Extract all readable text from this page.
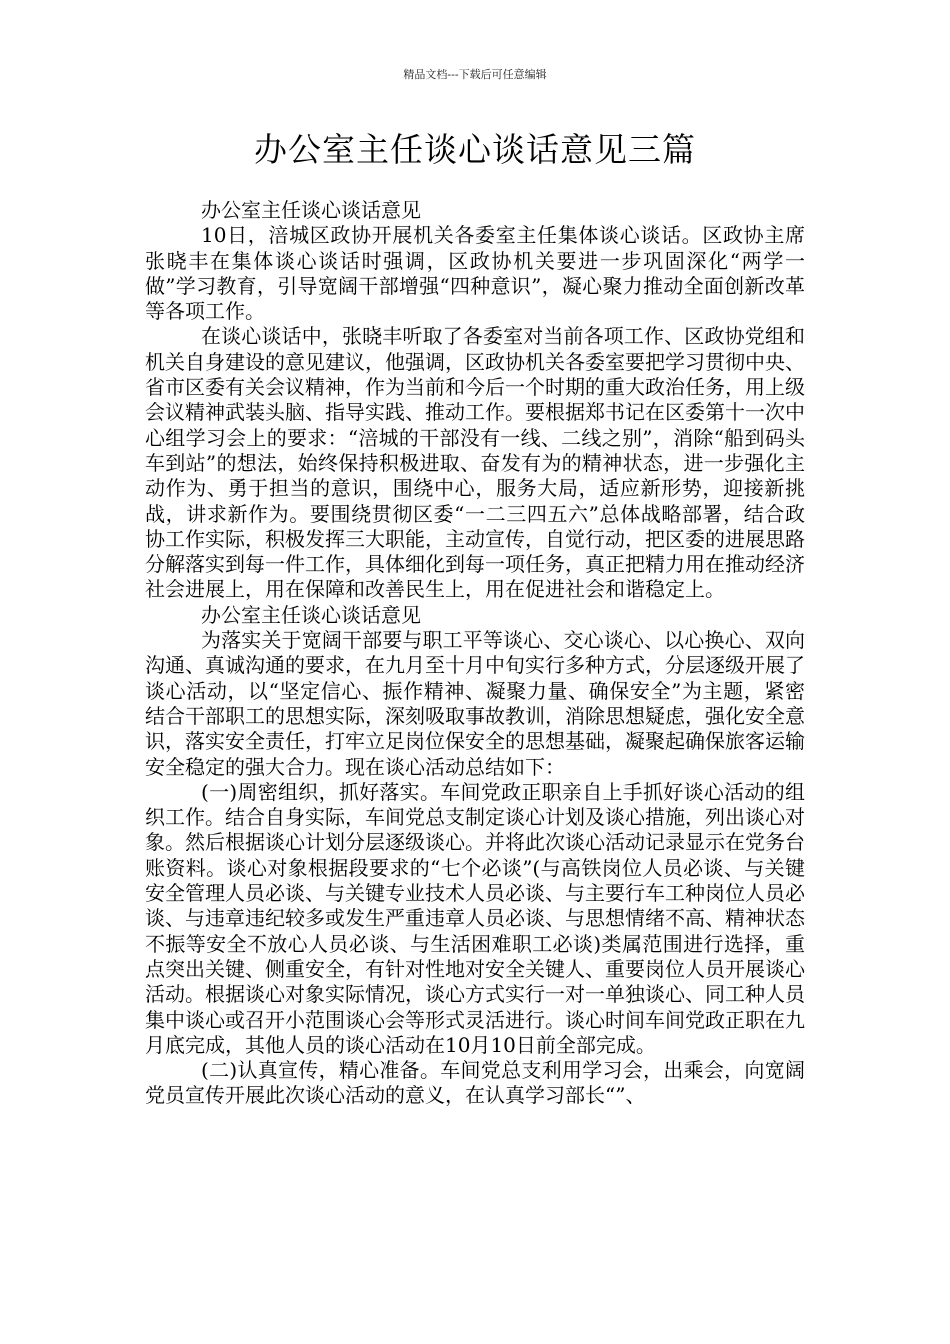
精品文档---下载后可任意编辑
办公室主任谈心谈话意见三篇

办公室主任谈心谈话意见

10日，涪城区政协开展机关各委室主任集体谈心谈话。区政协主席张晓丰在集体谈心谈话时强调，区政协机关要进一步巩固深化“两学一做”学习教育，引导宽阔干部增强“四种意识”，凝心聚力推动全面创新改革等各项工作。

在谈心谈话中，张晓丰听取了各委室对当前各项工作、区政协党组和机关自身建设的意见建议，他强调，区政协机关各委室要把学习贯彻中央、省市区委有关会议精神，作为当前和今后一个时期的重大政治任务，用上级会议精神武装头脑、指导实践、推动工作。要根据郑书记在区委第十一次中心组学习会上的要求：“涪城的干部没有一线、二线之别”，消除“船到码头车到站”的想法，始终保持积极进取、奋发有为的精神状态，进一步强化主动作为、勇于担当的意识，围绕中心，服务大局，适应新形势，迎接新挑战，讲求新作为。要围绕贯彻区委“一二三四五六”总体战略部署，结合政协工作实际，积极发挥三大职能，主动宣传，自觉行动，把区委的进展思路分解落实到每一件工作，具体细化到每一项任务，真正把精力用在推动经济社会进展上，用在保障和改善民生上，用在促进社会和谐稳定上。

办公室主任谈心谈话意见

为落实关于宽阔干部要与职工平等谈心、交心谈心、以心换心、双向沟通、真诚沟通的要求，在九月至十月中旬实行多种方式，分层逐级开展了谈心活动，以“坚定信心、振作精神、凝聚力量、确保安全”为主题，紧密结合干部职工的思想实际，深刻吸取事故教训，消除思想疑虑，强化安全意识，落实安全责任，打牢立足岗位保安全的思想基础，凝聚起确保旅客运输安全稳定的强大合力。现在谈心活动总结如下：

(一)周密组织，抓好落实。车间党政正职亲自上手抓好谈心活动的组织工作。结合自身实际，车间党总支制定谈心计划及谈心措施，列出谈心对象。然后根据谈心计划分层逐级谈心。并将此次谈心活动记录显示在党务台账资料。谈心对象根据段要求的“七个必谈”(与高铁岗位人员必谈、与关键安全管理人员必谈、与关键专业技术人员必谈、与主要行车工种岗位人员必谈、与违章违纪较多或发生严重违章人员必谈、与思想情绪不高、精神状态不振等安全不放心人员必谈、与生活困难职工必谈)类属范围进行选择，重点突出关键、侧重安全，有针对性地对安全关键人、重要岗位人员开展谈心活动。根据谈心对象实际情况，谈心方式实行一对一单独谈心、同工种人员集中谈心或召开小范围谈心会等形式灵活进行。谈心时间车间党政正职在九月底完成，其他人员的谈心活动在10月10日前全部完成。

(二)认真宣传，精心准备。车间党总支利用学习会，出乘会，向宽阔党员宣传开展此次谈心活动的意义，在认真学习部长“”、
